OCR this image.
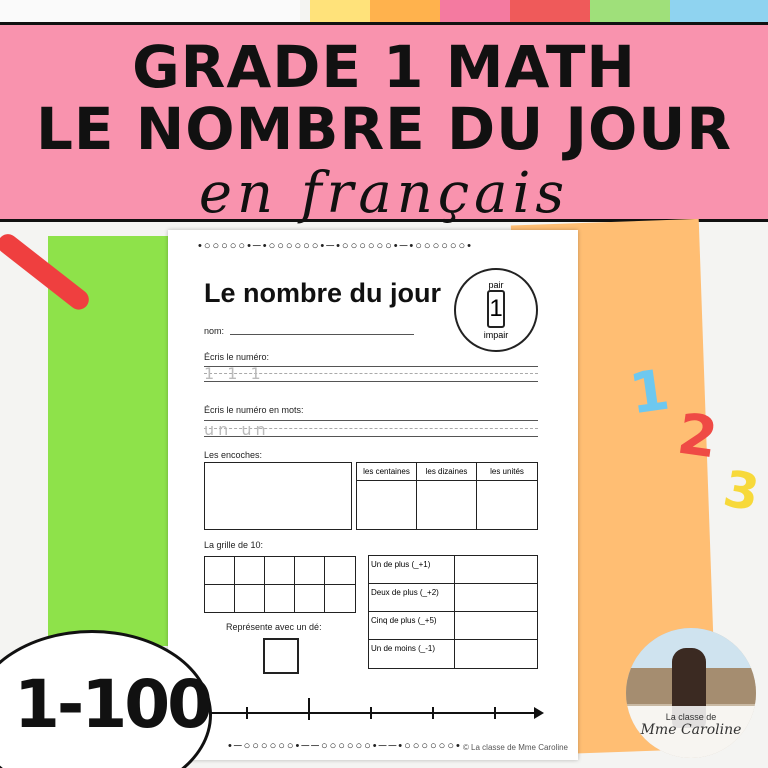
GRADE 1 MATH
LE NOMBRE DU JOUR
en français
•○○○○○•─•○○○○○○•─•○○○○○○•─•○○○○○○•
•─○○○○○○•──○○○○○○•──•○○○○○○•
Le nombre du jour	pair
1
impair
nom:
Écris le numéro:
1 1 1
Écris le numéro en mots:
un un
Les encoches:
les centaines	les dizaines	les unités
La grille de 10:
Un de plus (_+1)
Deux de plus (_+2)
Cinq de plus (_+5)
Un de moins (_-1)
Représente avec un dé:
© La classe de Mme Caroline
1
2
3
1-100	La classe de
Mme Caroline
